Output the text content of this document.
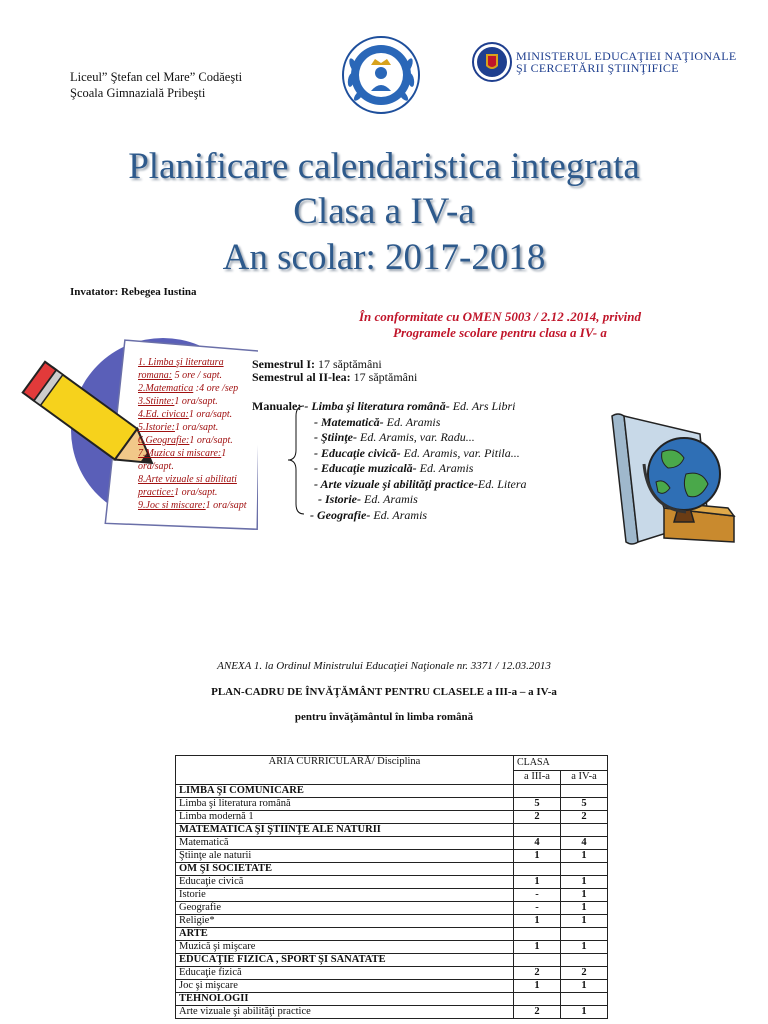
Liceul” Ştefan cel Mare” Codăeşti
Şcoala Gimnazială Pribeşti
MINISTERUL EDUCAŢIEI NAŢIONALE
ŞI CERCETĂRII ŞTIINŢIFICE
Planificare calendaristica integrata
Clasa a IV-a
An scolar: 2017-2018
Invatator: Rebegea Iustina
În conformitate cu OMEN 5003 / 2.12 .2014, privind
Programele scolare pentru clasa a IV- a
1. Limba şi literatura
romana: 5 ore / sapt.
2.Matematica :4 ore /sep
3.Stiinte:1 ora/sapt.
4.Ed. civica:1 ora/sapt.
5.Istorie:1 ora/sapt.
6.Geografie:1 ora/sapt.
7.Muzica si miscare:1 ora/sapt.
8.Arte vizuale si abilitati practice:1 ora/sapt.
9.Joc si miscare:1 ora/sapt
Semestrul I: 17 săptămâni
Semestrul al II-lea: 17 săptămâni
Manuale: - Limba şi literatura română- Ed. Ars Libri
- Matematică- Ed. Aramis
- Ştiinţe- Ed. Aramis, var. Radu...
- Educaţie civică- Ed. Aramis, var. Pitila...
- Educaţie muzicală- Ed. Aramis
- Arte vizuale şi abilităţi practice-Ed. Litera
- Istorie- Ed. Aramis
- Geografie- Ed. Aramis
ANEXA 1. la Ordinul Ministrului Educaţiei Naţionale nr. 3371 / 12.03.2013
PLAN-CADRU DE ÎNVĂŢĂMÂNT PENTRU CLASELE a III-a – a IV-a
pentru învăţământul în limba română
ARIA CURRICULARĂ/ Disciplina	CLASA	
	a III-a	a IV-a
LIMBA ŞI COMUNICARE		
Limba şi literatura română	5	5
Limba modernă 1	2	2
MATEMATICA ŞI ŞTIINŢE ALE NATURII		
Matematică	4	4
Ştiinţe ale naturii	1	1
OM ŞI SOCIETATE		
Educaţie civică	1	1
Istorie	-	1
Geografie	-	1
Religie*	1	1
ARTE		
Muzică şi mişcare	1	1
EDUCAŢIE FIZICA , SPORT ŞI SANATATE		
Educaţie fizică	2	2
Joc şi mişcare	1	1
TEHNOLOGII		
Arte vizuale şi abilităţi practice	2	1
